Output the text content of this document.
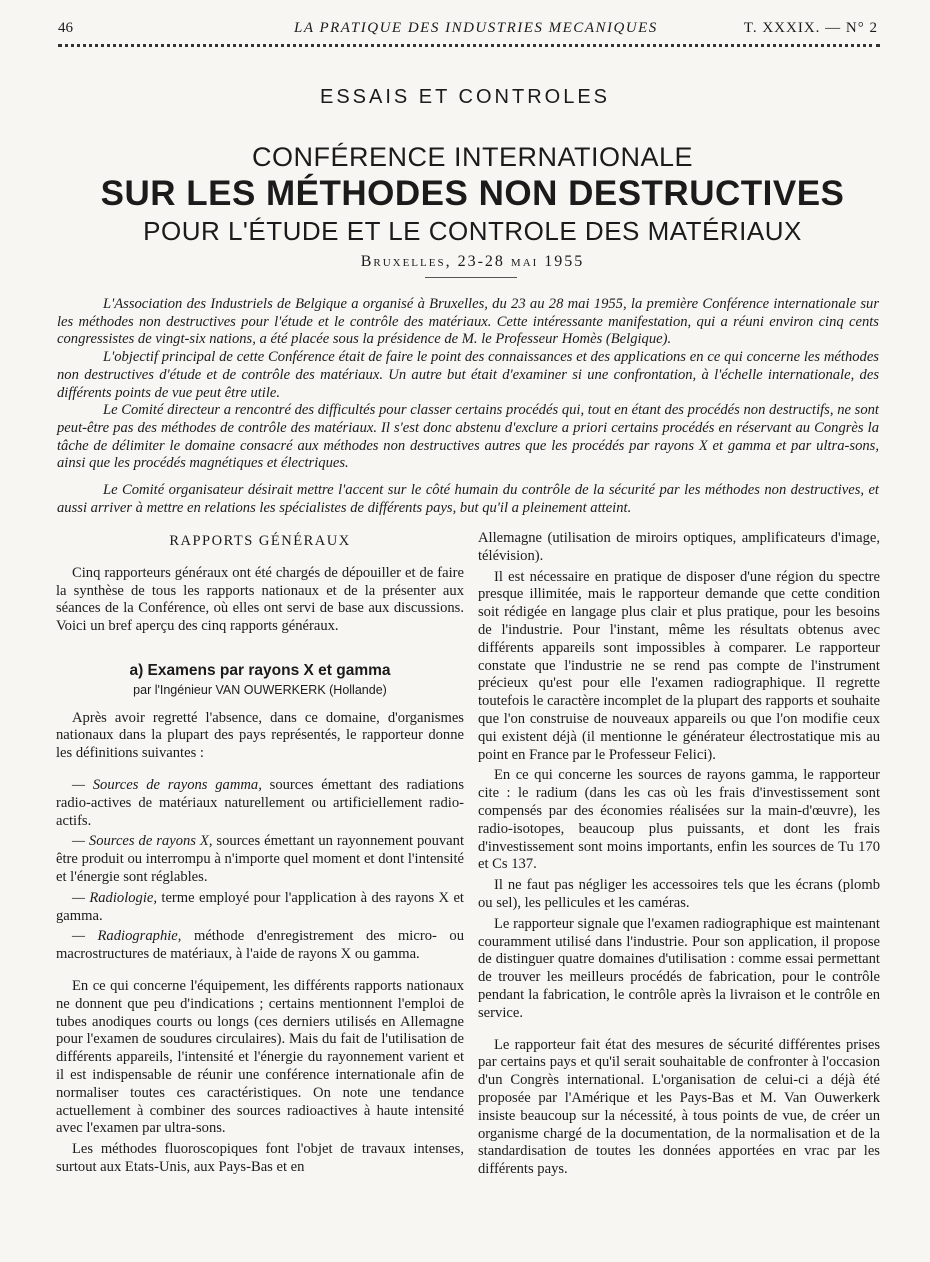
46	LA PRATIQUE DES INDUSTRIES MECANIQUES	T. XXXIX. — N° 2
ESSAIS ET CONTROLES
CONFÉRENCE INTERNATIONALE
SUR LES MÉTHODES NON DESTRUCTIVES
POUR L'ÉTUDE ET LE CONTROLE DES MATÉRIAUX
Bruxelles, 23-28 mai 1955

L'Association des Industriels de Belgique a organisé à Bruxelles, du 23 au 28 mai 1955, la première Conférence internationale sur les méthodes non destructives pour l'étude et le contrôle des matériaux. Cette intéressante manifestation, qui a réuni environ cinq cents congressistes de vingt-six nations, a été placée sous la présidence de M. le Professeur Homès (Belgique).

L'objectif principal de cette Conférence était de faire le point des connaissances et des applications en ce qui concerne les méthodes non destructives d'étude et de contrôle des matériaux. Un autre but était d'examiner si une confrontation, à l'échelle internationale, des différents points de vue peut être utile.

Le Comité directeur a rencontré des difficultés pour classer certains procédés qui, tout en étant des procédés non destructifs, ne sont peut-être pas des méthodes de contrôle des matériaux. Il s'est donc abstenu d'exclure a priori certains procédés en réservant au Congrès la tâche de délimiter le domaine consacré aux méthodes non destructives autres que les procédés par rayons X et gamma et par ultra-sons, ainsi que les procédés magnétiques et électriques.

Le Comité organisateur désirait mettre l'accent sur le côté humain du contrôle de la sécurité par les méthodes non destructives, et aussi arriver à mettre en relations les spécialistes de différents pays, but qu'il a pleinement atteint.

RAPPORTS GÉNÉRAUX

Cinq rapporteurs généraux ont été chargés de dépouiller et de faire la synthèse de tous les rapports nationaux et de la présenter aux séances de la Conférence, où elles ont servi de base aux discussions. Voici un bref aperçu des cinq rapports généraux.

a) Examens par rayons X et gamma
par l'Ingénieur VAN OUWERKERK (Hollande)

Après avoir regretté l'absence, dans ce domaine, d'organismes nationaux dans la plupart des pays représentés, le rapporteur donne les définitions suivantes :

— Sources de rayons gamma, sources émettant des radiations radio-actives de matériaux naturellement ou artificiellement radio-actifs.

— Sources de rayons X, sources émettant un rayonnement pouvant être produit ou interrompu à n'importe quel moment et dont l'intensité et l'énergie sont réglables.

— Radiologie, terme employé pour l'application à des rayons X et gamma.

— Radiographie, méthode d'enregistrement des micro- ou macrostructures de matériaux, à l'aide de rayons X ou gamma.

En ce qui concerne l'équipement, les différents rapports nationaux ne donnent que peu d'indications ; certains mentionnent l'emploi de tubes anodiques courts ou longs (ces derniers utilisés en Allemagne pour l'examen de soudures circulaires). Mais du fait de l'utilisation de différents appareils, l'intensité et l'énergie du rayonnement varient et il est indispensable de réunir une conférence internationale afin de normaliser toutes ces caractéristiques. On note une tendance actuellement à combiner des sources radioactives à haute intensité avec l'examen par ultra-sons.

Les méthodes fluoroscopiques font l'objet de travaux intenses, surtout aux Etats-Unis, aux Pays-Bas et en

Allemagne (utilisation de miroirs optiques, amplificateurs d'image, télévision).

Il est nécessaire en pratique de disposer d'une région du spectre presque illimitée, mais le rapporteur demande que cette condition soit rédigée en langage plus clair et plus pratique, pour les besoins de l'industrie. Pour l'instant, même les résultats obtenus avec différents appareils sont impossibles à comparer. Le rapporteur constate que l'industrie ne se rend pas compte de l'instrument précieux qu'est pour elle l'examen radiographique. Il regrette toutefois le caractère incomplet de la plupart des rapports et souhaite que l'on construise de nouveaux appareils ou que l'on modifie ceux qui existent déjà (il mentionne le générateur électrostatique mis au point en France par le Professeur Felici).

En ce qui concerne les sources de rayons gamma, le rapporteur cite : le radium (dans les cas où les frais d'investissement sont compensés par des économies réalisées sur la main-d'œuvre), les radio-isotopes, beaucoup plus puissants, et dont les frais d'investissement sont moins importants, enfin les sources de Tu 170 et Cs 137.

Il ne faut pas négliger les accessoires tels que les écrans (plomb ou sel), les pellicules et les caméras.

Le rapporteur signale que l'examen radiographique est maintenant couramment utilisé dans l'industrie. Pour son application, il propose de distinguer quatre domaines d'utilisation : comme essai permettant de trouver les meilleurs procédés de fabrication, pour le contrôle pendant la fabrication, le contrôle après la livraison et le contrôle en service.

Le rapporteur fait état des mesures de sécurité différentes prises par certains pays et qu'il serait souhaitable de confronter à l'occasion d'un Congrès international. L'organisation de celui-ci a déjà été proposée par l'Amérique et les Pays-Bas et M. Van Ouwerkerk insiste beaucoup sur la nécessité, à tous points de vue, de créer un organisme chargé de la documentation, de la normalisation et de la standardisation de toutes les données apportées en vrac par les différents pays.
